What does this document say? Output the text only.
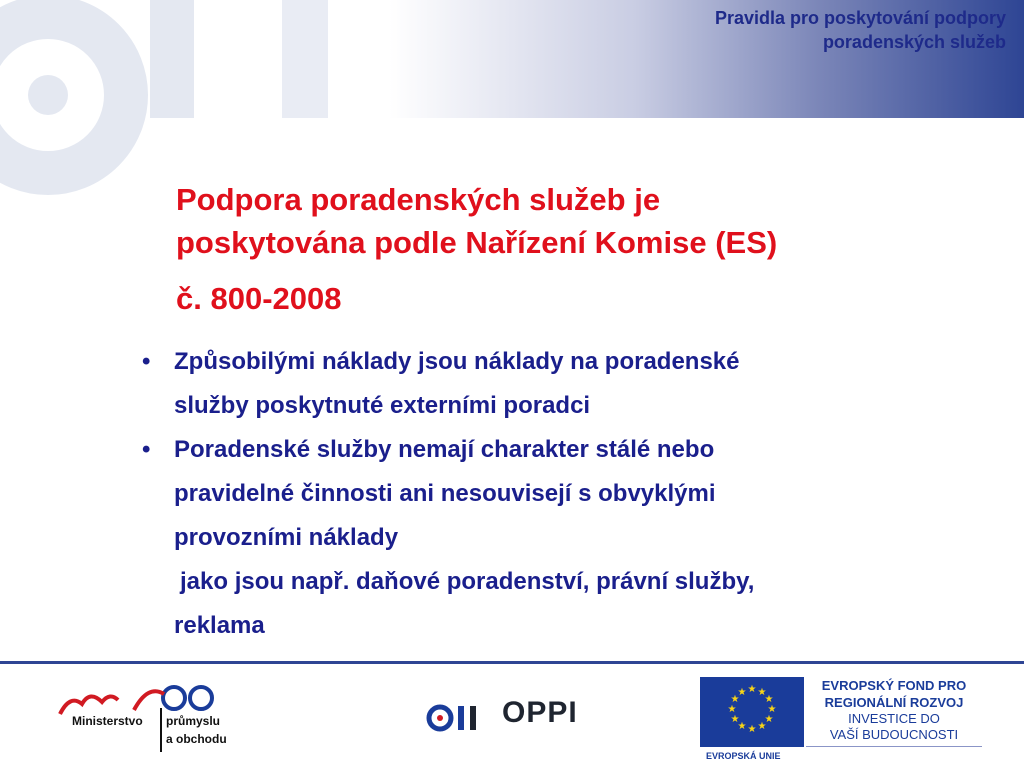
Pravidla pro poskytování podpory
poradenských služeb
Podpora poradenských služeb je
poskytována podle Nařízení Komise (ES)
č. 800-2008
• Způsobilými náklady jsou náklady na poradenské
služby poskytnuté externími poradci
• Poradenské služby nemají charakter stálé nebo
pravidelné činnosti ani nesouvisejí s obvyklými
provozními náklady
jako jsou např. daňové poradenství, právní služby,
reklama
Ministerstvo průmyslu
a obchodu
OPPI
★ ★
★
★
★
★
★
★
★
★
★
★	EVROPSKÝ FOND PRO
REGIONÁLNÍ ROZVOJ
INVESTICE DO
VAŠÍ BUDOUCNOSTI
EVROPSKÁ UNIE
